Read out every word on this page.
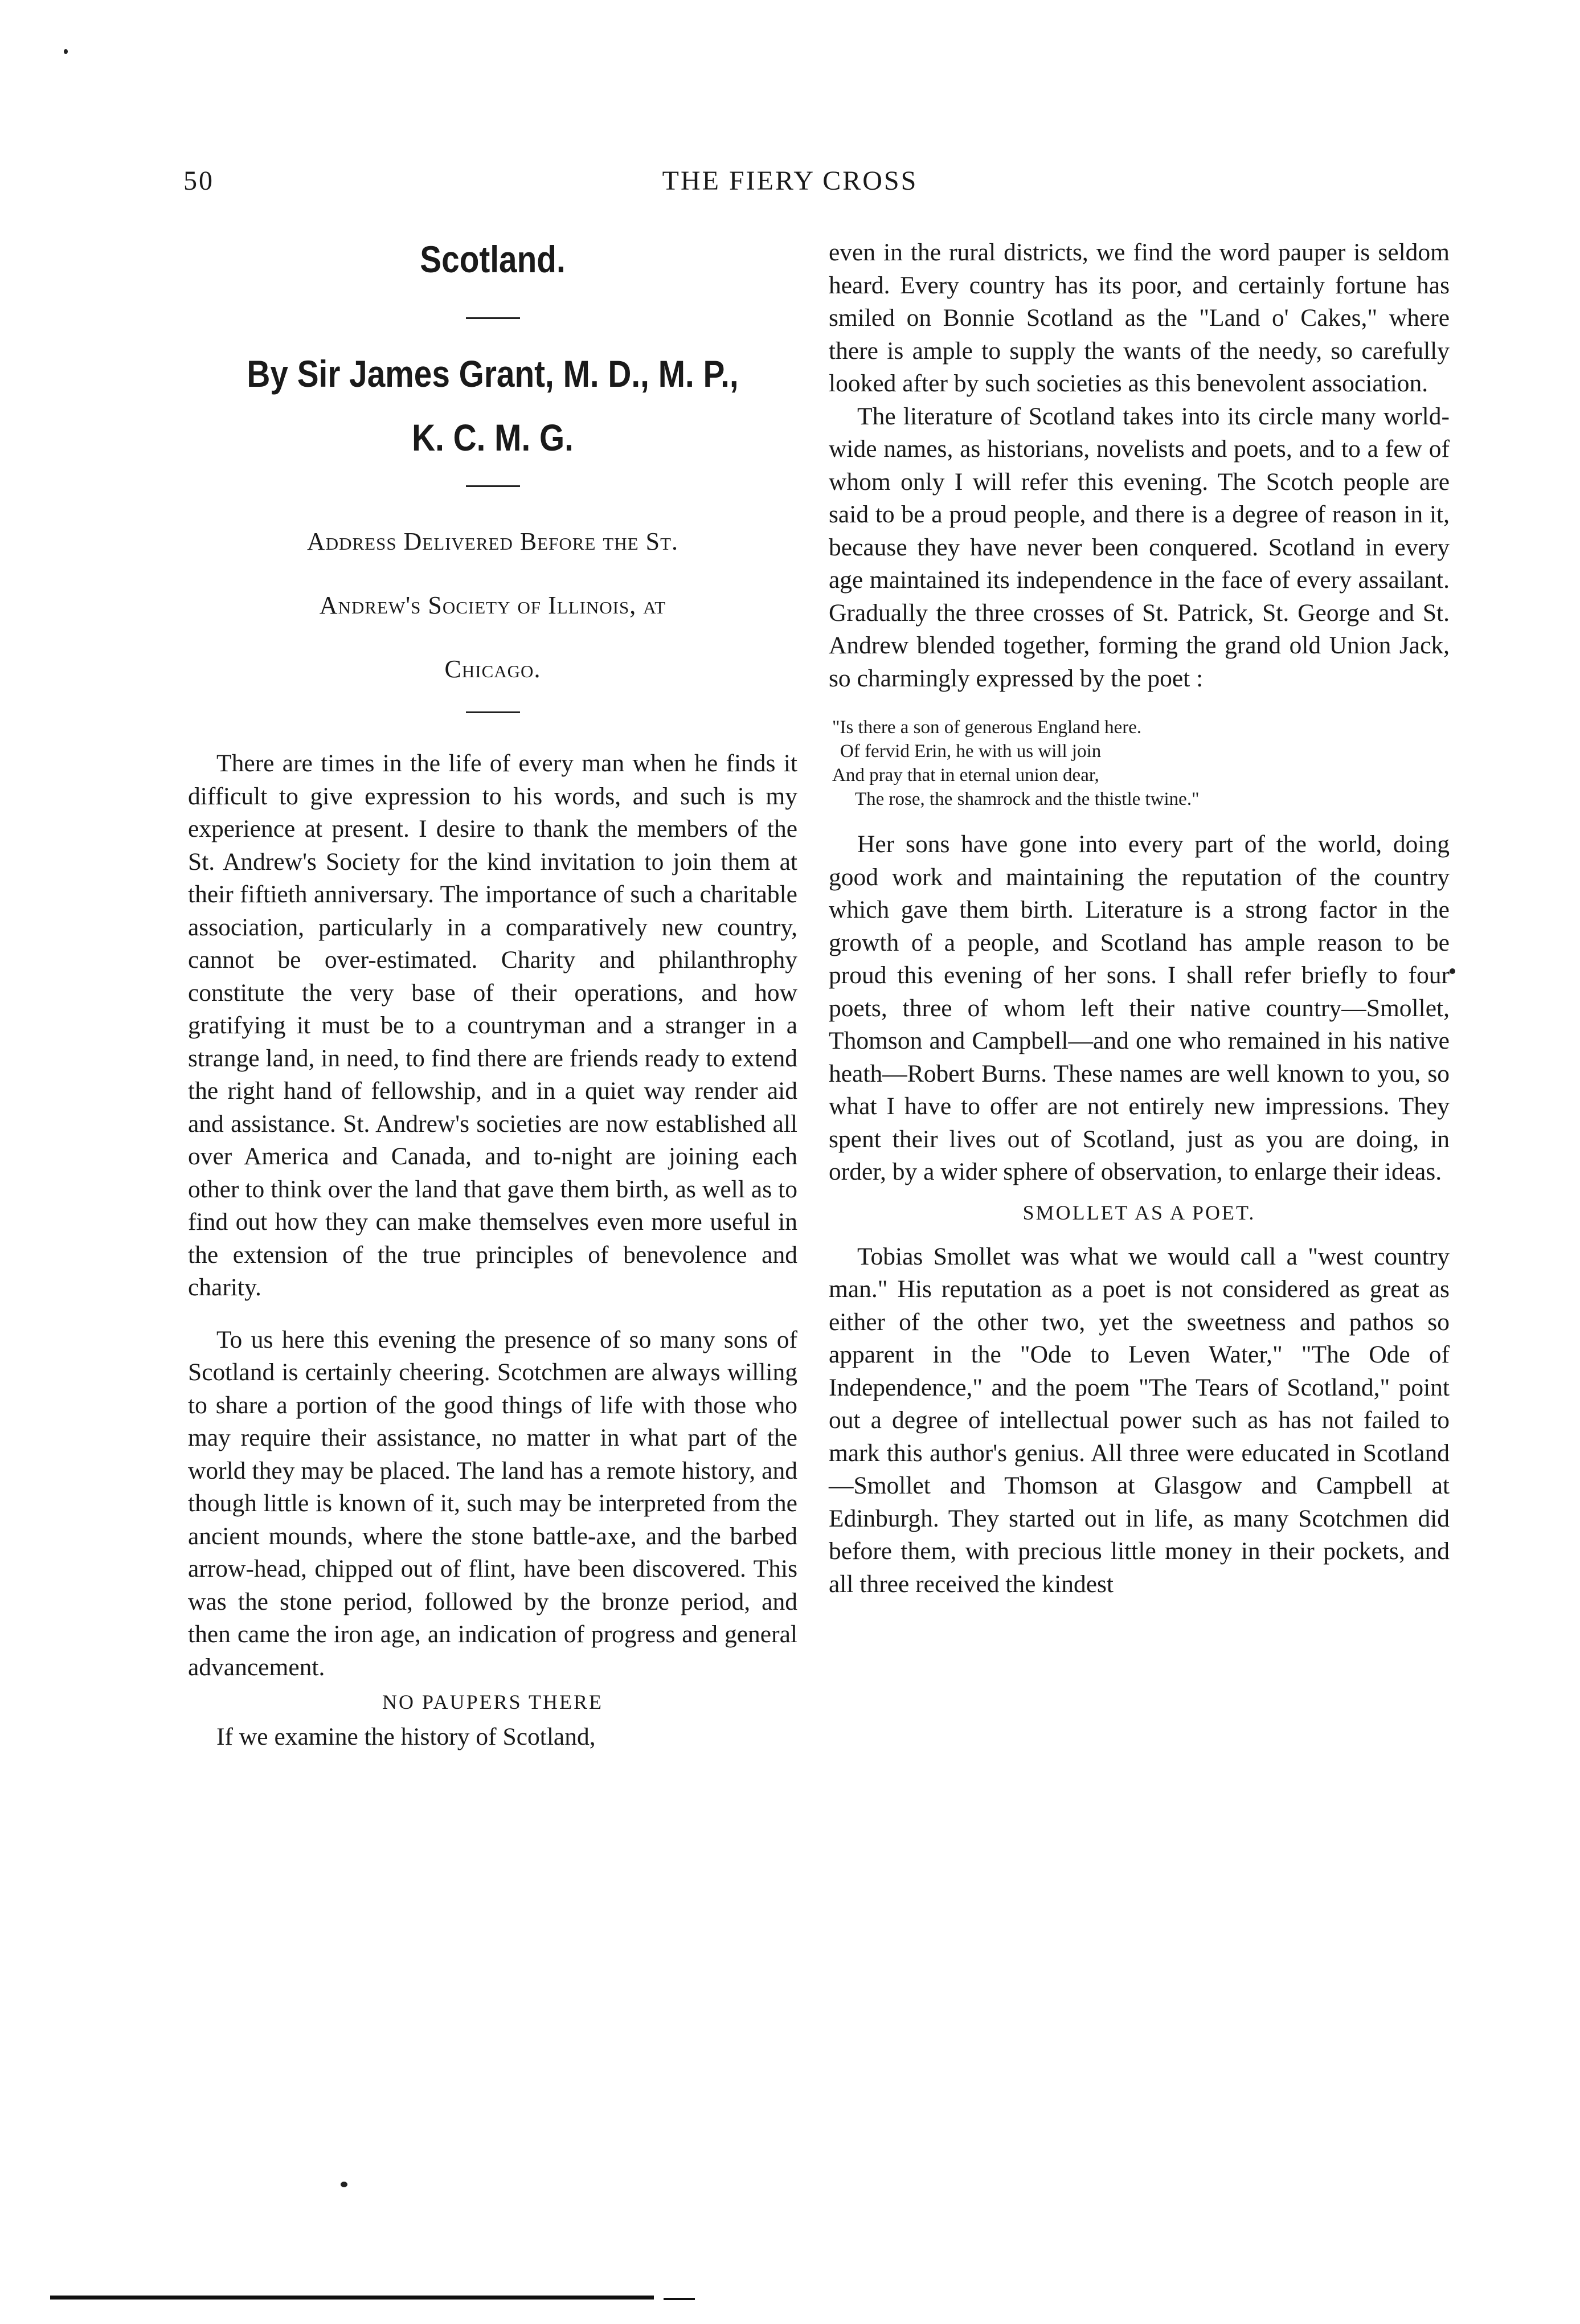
50	THE FIERY CROSS

Scotland.

By Sir James Grant, M. D., M. P.,

K. C. M. G.

Address Delivered Before the St.

Andrew's Society of Illinois, at

Chicago.

There are times in the life of every man when he finds it difficult to give expression to his words, and such is my experience at present. I desire to thank the members of the St. Andrew's Society for the kind invitation to join them at their fiftieth anniversary. The importance of such a charitable association, particularly in a comparatively new country, cannot be over-estimated. Charity and philanthrophy constitute the very base of their operations, and how gratifying it must be to a countryman and a stranger in a strange land, in need, to find there are friends ready to extend the right hand of fellowship, and in a quiet way render aid and assistance. St. Andrew's societies are now established all over America and Canada, and to-night are joining each other to think over the land that gave them birth, as well as to find out how they can make themselves even more useful in the extension of the true principles of benevolence and charity.

To us here this evening the presence of so many sons of Scotland is certainly cheering. Scotchmen are always willing to share a portion of the good things of life with those who may require their assistance, no matter in what part of the world they may be placed. The land has a remote history, and though little is known of it, such may be interpreted from the ancient mounds, where the stone battle-axe, and the barbed arrow-head, chipped out of flint, have been discovered. This was the stone period, followed by the bronze period, and then came the iron age, an indication of progress and general advancement.

NO PAUPERS THERE

If we examine the history of Scotland,

even in the rural districts, we find the word pauper is seldom heard. Every country has its poor, and certainly fortune has smiled on Bonnie Scotland as the "Land o' Cakes," where there is ample to supply the wants of the needy, so carefully looked after by such societies as this benevolent association.

The literature of Scotland takes into its circle many world-wide names, as historians, novelists and poets, and to a few of whom only I will refer this evening. The Scotch people are said to be a proud people, and there is a degree of reason in it, because they have never been conquered. Scotland in every age maintained its independence in the face of every assailant. Gradually the three crosses of St. Patrick, St. George and St. Andrew blended together, forming the grand old Union Jack, so charmingly expressed by the poet :

"Is there a son of generous England here.
Of fervid Erin, he with us will join
And pray that in eternal union dear,
The rose, the shamrock and the thistle twine."

Her sons have gone into every part of the world, doing good work and maintaining the reputation of the country which gave them birth. Literature is a strong factor in the growth of a people, and Scotland has ample reason to be proud this evening of her sons. I shall refer briefly to four poets, three of whom left their native country—Smollet, Thomson and Campbell—and one who remained in his native heath—Robert Burns. These names are well known to you, so what I have to offer are not entirely new impressions. They spent their lives out of Scotland, just as you are doing, in order, by a wider sphere of observation, to enlarge their ideas.

SMOLLET AS A POET.

Tobias Smollet was what we would call a "west country man." His reputation as a poet is not considered as great as either of the other two, yet the sweetness and pathos so apparent in the "Ode to Leven Water," "The Ode of Independence," and the poem "The Tears of Scotland," point out a degree of intellectual power such as has not failed to mark this author's genius. All three were educated in Scotland—Smollet and Thomson at Glasgow and Campbell at Edinburgh. They started out in life, as many Scotchmen did before them, with precious little money in their pockets, and all three received the kindest
